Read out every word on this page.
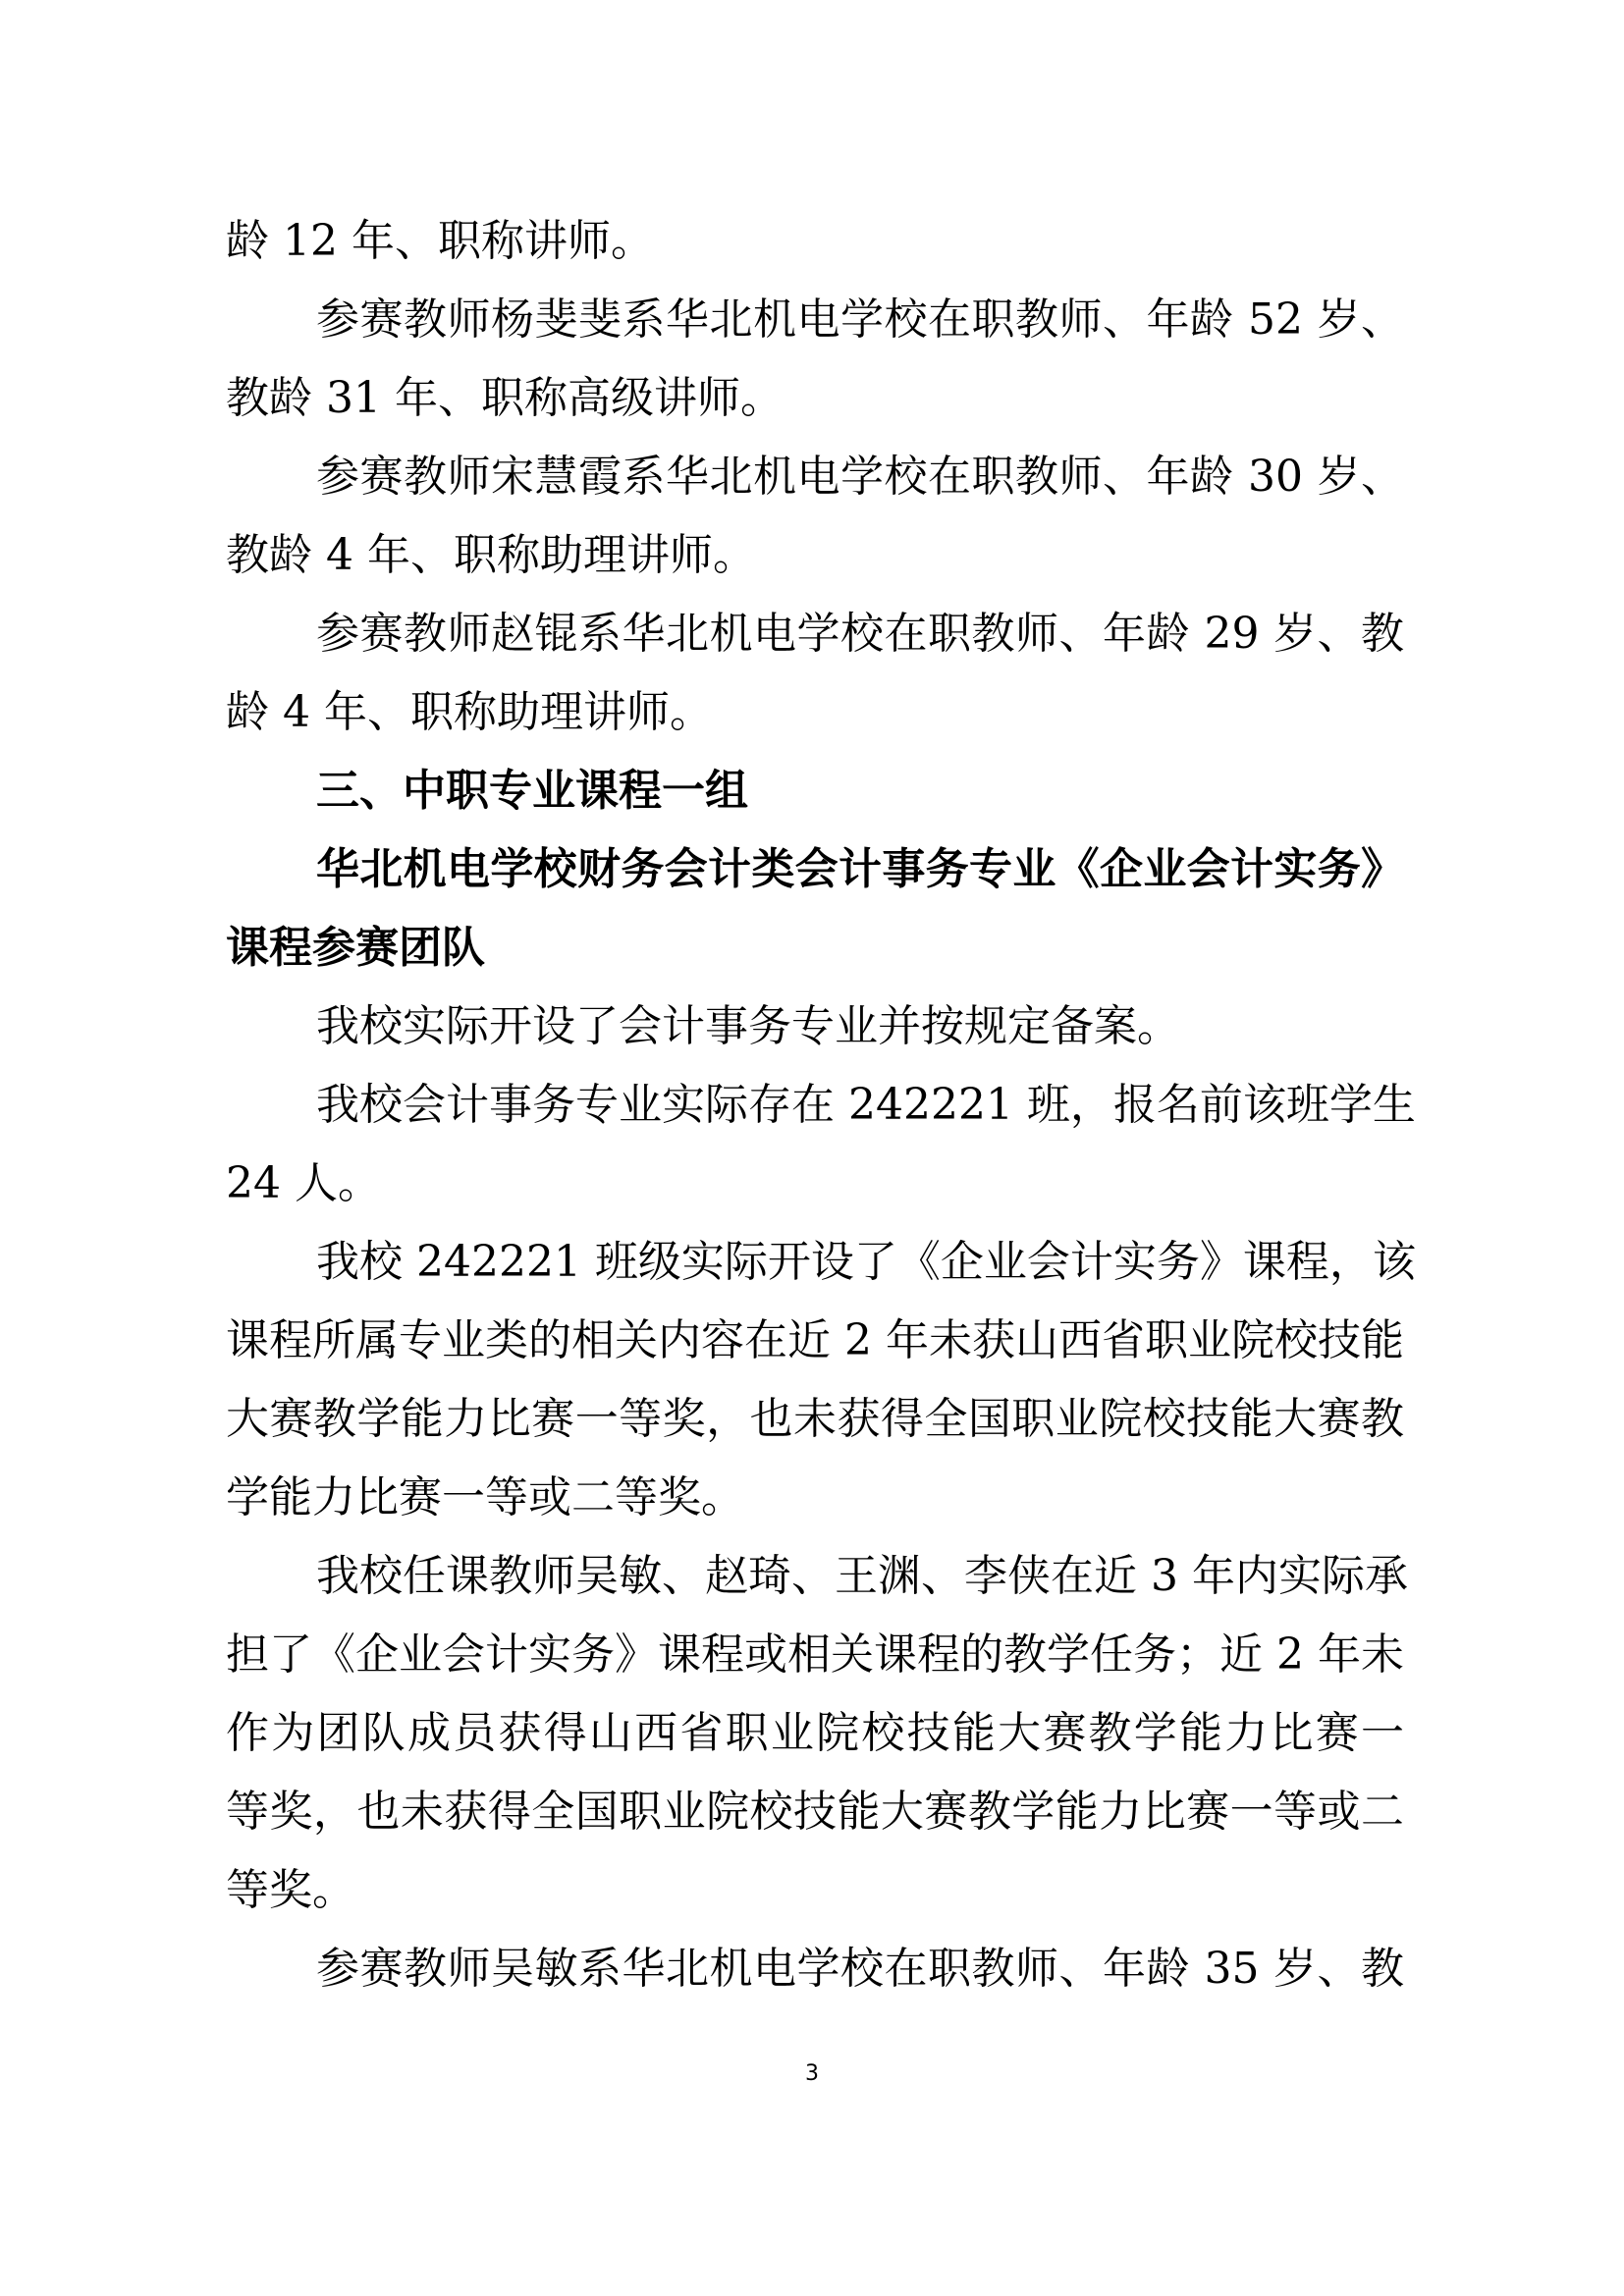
龄 12 年、职称讲师。
参赛教师杨斐斐系华北机电学校在职教师、年龄 52 岁、
教龄 31 年、职称高级讲师。
参赛教师宋慧霞系华北机电学校在职教师、年龄 30 岁、
教龄 4 年、职称助理讲师。
参赛教师赵锟系华北机电学校在职教师、年龄 29 岁、教
龄 4 年、职称助理讲师。
三、中职专业课程一组
华北机电学校财务会计类会计事务专业《企业会计实务》
课程参赛团队
我校实际开设了会计事务专业并按规定备案。
我校会计事务专业实际存在 242221 班，报名前该班学生
24 人。
我校 242221 班级实际开设了《企业会计实务》课程，该
课程所属专业类的相关内容在近 2 年未获山西省职业院校技能
大赛教学能力比赛一等奖，也未获得全国职业院校技能大赛教
学能力比赛一等或二等奖。
我校任课教师吴敏、赵琦、王渊、李侠在近 3 年内实际承
担了《企业会计实务》课程或相关课程的教学任务；近 2 年未
作为团队成员获得山西省职业院校技能大赛教学能力比赛一
等奖，也未获得全国职业院校技能大赛教学能力比赛一等或二
等奖。
参赛教师吴敏系华北机电学校在职教师、年龄 35 岁、教
3
